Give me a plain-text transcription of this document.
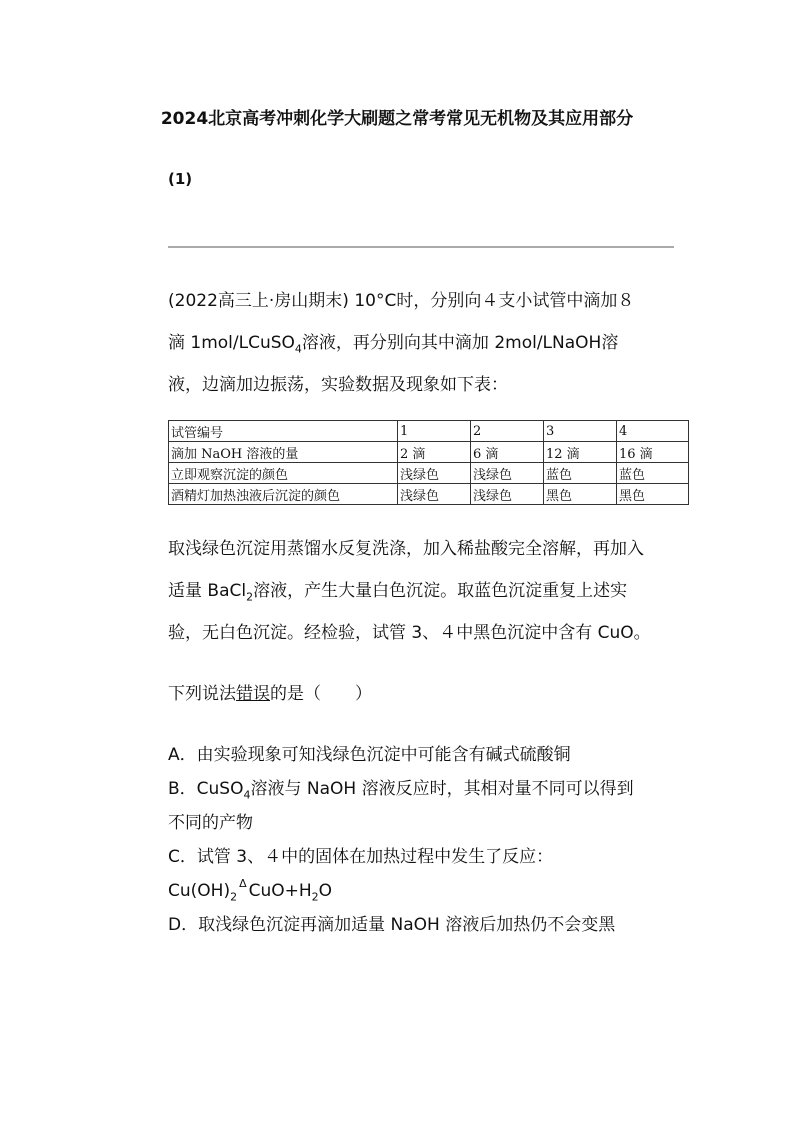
2024北京高考冲刺化学大刷题之常考常见无机物及其应用部分
(1)
(2022高三上·房山期末) 10°C时，分别向４支小试管中滴加８
滴 1mol/LCuSO$_4$溶液，再分别向其中滴加 2mol/LNaOH溶
液，边滴加边振荡，实验数据及现象如下表：
试管编号	1	2	3	4
滴加 NaOH 溶液的量	2 滴	6 滴	12 滴	16 滴
立即观察沉淀的颜色	浅绿色	浅绿色	蓝色	蓝色
酒精灯加热浊液后沉淀的颜色	浅绿色	浅绿色	黑色	黑色
取浅绿色沉淀用蒸馏水反复洗涤，加入稀盐酸完全溶解，再加入
适量 BaCl$_2$溶液，产生大量白色沉淀。取蓝色沉淀重复上述实
验，无白色沉淀。经检验，试管 3、４中黑色沉淀中含有 CuO。
下列说法错误的是（　　）
A．由实验现象可知浅绿色沉淀中可能含有碱式硫酸铜
B．CuSO$_4$溶液与 NaOH 溶液反应时，其相对量不同可以得到
不同的产物
C．试管 3、４中的固体在加热过程中发生了反应：
$Cu(OH)_2\Delta$ $CuO+H_2O$
D．取浅绿色沉淀再滴加适量 NaOH 溶液后加热仍不会变黑
